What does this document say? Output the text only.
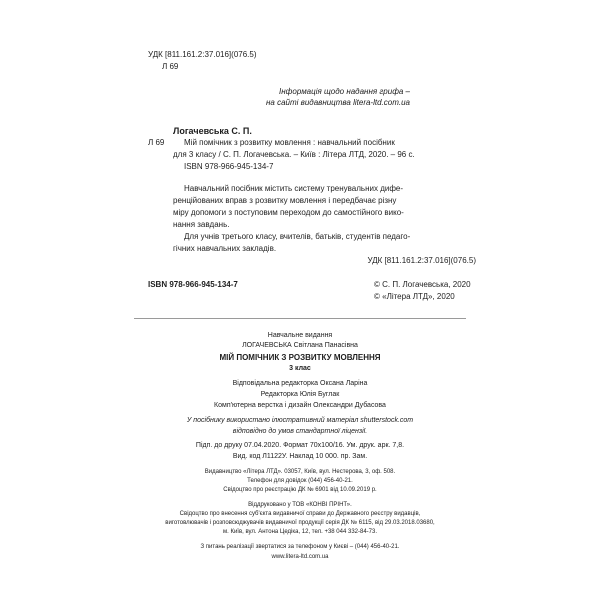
УДК [811.161.2:37.016](076.5)
Л 69
Інформація щодо надання грифа –
на сайті видавництва litera-ltd.com.ua
Логачевська С. П.
Л 69 Мій помічник з розвитку мовлення : навчальний посібник
для 3 класу / С. П. Логачевська. – Київ : Літера ЛТД, 2020. – 96 с.
ISBN 978-966-945-134-7
Навчальний посібник містить систему тренувальних дифе-
ренційованих вправ з розвитку мовлення і передбачає різну
міру допомоги з поступовим переходом до самостійного вико-
нання завдань.
Для учнів третього класу, вчителів, батьків, студентів педаго-
гічних навчальних закладів.
УДК [811.161.2:37.016](076.5)
ISBN 978-966-945-134-7	© С. П. Логачевська, 2020
© «Літера ЛТД», 2020
Навчальне видання
ЛОГАЧЕВСЬКА Світлана Панасівна
МІЙ ПОМІЧНИК З РОЗВИТКУ МОВЛЕННЯ
3 клас
Відповідальна редакторка Оксана Ларіна
Редакторка Юлія Буглак
Комп'ютерна верстка і дизайн Олександри Дубасова
У посібнику використано ілюстративний матеріал shutterstock.com
відповідно до умов стандартної ліцензії.
Підп. до друку 07.04.2020. Формат 70х100/16. Ум. друк. арк. 7,8.
Вид. код Л1122У. Наклад 10 000. пр. Зам.
Видавництво «Літера ЛТД». 03057, Київ, вул. Нестерова, 3, оф. 508.
Телефон для довідок (044) 456-40-21.
Свідоцтво про реєстрацію ДК № 6901 від 10.09.2019 р.
Віддруковано у ТОВ «КОНВІ ПРІНТ».
Свідоцтво про внесення суб'єкта видавничої справи до Державного реєстру видавців,
виготовлювачів і розповсюджувачів видавничої продукції серія ДК № 6115, від 29.03.2018.03680,
м. Київ, вул. Антона Цедіка, 12, тел. +38 044 332-84-73.
З питань реалізації звертатися за телефоном у Києві – (044) 456-40-21.
www.litera-ltd.com.ua
